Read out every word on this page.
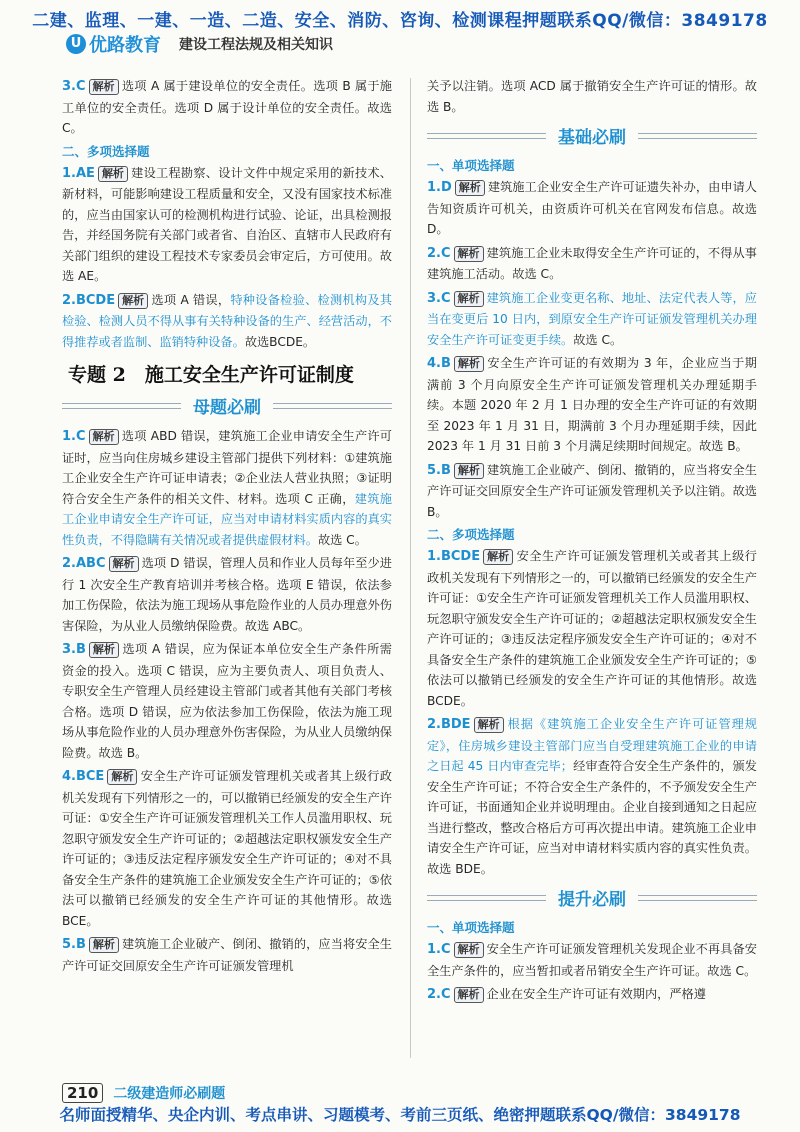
二建、监理、一建、一造、二造、安全、消防、咨询、检测课程押题联系QQ/微信：3849178
U 优路教育 建设工程法规及相关知识
3.C 解析 选项 A 属于建设单位的安全责任。选项 B 属于施工单位的安全责任。选项 D 属于设计单位的安全责任。故选 C。
二、多项选择题
1.AE 解析 建设工程勘察、设计文件中规定采用的新技术、新材料，可能影响建设工程质量和安全，又没有国家技术标准的，应当由国家认可的检测机构进行试验、论证，出具检测报告，并经国务院有关部门或者省、自治区、直辖市人民政府有关部门组织的建设工程技术专家委员会审定后，方可使用。故选 AE。
2.BCDE 解析 选项 A 错误，特种设备检验、检测机构及其检验、检测人员不得从事有关特种设备的生产、经营活动，不得推荐或者监制、监销特种设备。故选BCDE。
专题 2　施工安全生产许可证制度
母题必刷
1.C 解析 选项 ABD 错误，建筑施工企业申请安全生产许可证时，应当向住房城乡建设主管部门提供下列材料：①建筑施工企业安全生产许可证申请表；②企业法人营业执照；③证明符合安全生产条件的相关文件、材料。选项 C 正确，建筑施工企业申请安全生产许可证，应当对申请材料实质内容的真实性负责，不得隐瞒有关情况或者提供虚假材料。故选 C。
2.ABC 解析 选项 D 错误，管理人员和作业人员每年至少进行 1 次安全生产教育培训并考核合格。选项 E 错误，依法参加工伤保险，依法为施工现场从事危险作业的人员办理意外伤害保险，为从业人员缴纳保险费。故选 ABC。
3.B 解析 选项 A 错误，应为保证本单位安全生产条件所需资金的投入。选项 C 错误，应为主要负责人、项目负责人、专职安全生产管理人员经建设主管部门或者其他有关部门考核合格。选项 D 错误，应为依法参加工伤保险，依法为施工现场从事危险作业的人员办理意外伤害保险，为从业人员缴纳保险费。故选 B。
4.BCE 解析 安全生产许可证颁发管理机关或者其上级行政机关发现有下列情形之一的，可以撤销已经颁发的安全生产许可证：①安全生产许可证颁发管理机关工作人员滥用职权、玩忽职守颁发安全生产许可证的；②超越法定职权颁发安全生产许可证的；③违反法定程序颁发安全生产许可证的；④对不具备安全生产条件的建筑施工企业颁发安全生产许可证的；⑤依法可以撤销已经颁发的安全生产许可证的其他情形。故选 BCE。
5.B 解析 建筑施工企业破产、倒闭、撤销的，应当将安全生产许可证交回原安全生产许可证颁发管理机
关予以注销。选项 ACD 属于撤销安全生产许可证的情形。故选 B。
基础必刷
一、单项选择题
1.D 解析 建筑施工企业安全生产许可证遗失补办，由申请人告知资质许可机关，由资质许可机关在官网发布信息。故选 D。
2.C 解析 建筑施工企业未取得安全生产许可证的，不得从事建筑施工活动。故选 C。
3.C 解析 建筑施工企业变更名称、地址、法定代表人等，应当在变更后 10 日内，到原安全生产许可证颁发管理机关办理安全生产许可证变更手续。故选 C。
4.B 解析 安全生产许可证的有效期为 3 年，企业应当于期满前 3 个月向原安全生产许可证颁发管理机关办理延期手续。本题 2020 年 2 月 1 日办理的安全生产许可证的有效期至 2023 年 1 月 31 日，期满前 3 个月办理延期手续，因此 2023 年 1 月 31 日前 3 个月满足续期时间规定。故选 B。
5.B 解析 建筑施工企业破产、倒闭、撤销的，应当将安全生产许可证交回原安全生产许可证颁发管理机关予以注销。故选 B。
二、多项选择题
1.BCDE 解析 安全生产许可证颁发管理机关或者其上级行政机关发现有下列情形之一的，可以撤销已经颁发的安全生产许可证：①安全生产许可证颁发管理机关工作人员滥用职权、玩忽职守颁发安全生产许可证的；②超越法定职权颁发安全生产许可证的；③违反法定程序颁发安全生产许可证的；④对不具备安全生产条件的建筑施工企业颁发安全生产许可证的；⑤依法可以撤销已经颁发的安全生产许可证的其他情形。故选 BCDE。
2.BDE 解析 根据《建筑施工企业安全生产许可证管理规定》，住房城乡建设主管部门应当自受理建筑施工企业的申请之日起 45 日内审查完毕；经审查符合安全生产条件的，颁发安全生产许可证；不符合安全生产条件的，不予颁发安全生产许可证，书面通知企业并说明理由。企业自接到通知之日起应当进行整改，整改合格后方可再次提出申请。建筑施工企业申请安全生产许可证，应当对申请材料实质内容的真实性负责。故选 BDE。
提升必刷
一、单项选择题
1.C 解析 安全生产许可证颁发管理机关发现企业不再具备安全生产条件的，应当暂扣或者吊销安全生产许可证。故选 C。
2.C 解析 企业在安全生产许可证有效期内，严格遵
210	二级建造师必刷题
名师面授精华、央企内训、考点串讲、习题模考、考前三页纸、绝密押题联系QQ/微信：3849178
